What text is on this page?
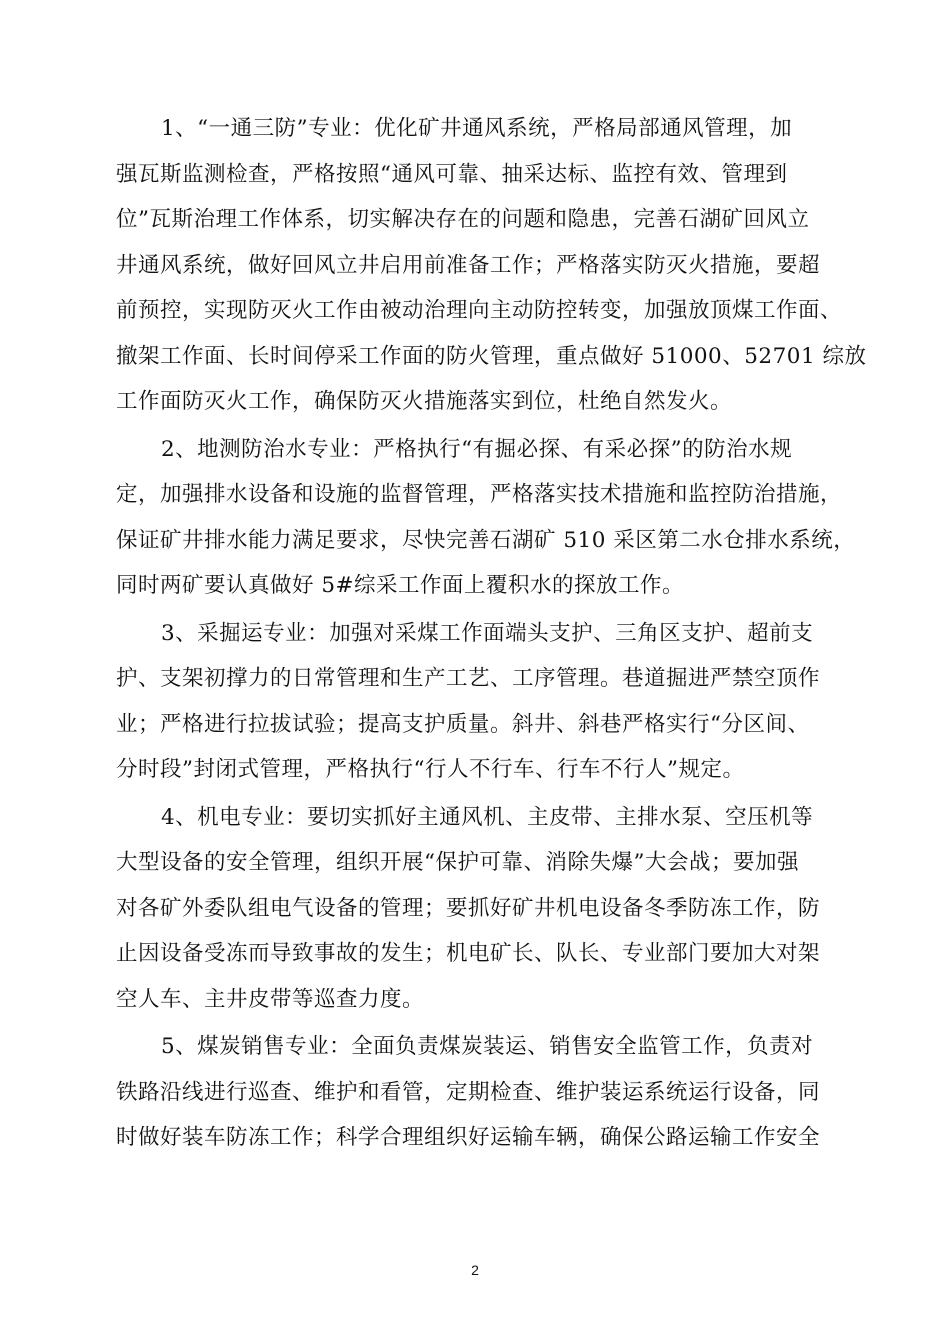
1、“一通三防”专业：优化矿井通风系统，严格局部通风管理，加
强瓦斯监测检查，严格按照“通风可靠、抽采达标、监控有效、管理到
位”瓦斯治理工作体系，切实解决存在的问题和隐患，完善石湖矿回风立
井通风系统，做好回风立井启用前准备工作；严格落实防灭火措施，要超
前预控，实现防灭火工作由被动治理向主动防控转变，加强放顶煤工作面、
撤架工作面、长时间停采工作面的防火管理，重点做好 51000、52701 综放
工作面防灭火工作，确保防灭火措施落实到位，杜绝自然发火。
2、地测防治水专业：严格执行“有掘必探、有采必探”的防治水规
定，加强排水设备和设施的监督管理，严格落实技术措施和监控防治措施，
保证矿井排水能力满足要求，尽快完善石湖矿 510 采区第二水仓排水系统，
同时两矿要认真做好 5#综采工作面上覆积水的探放工作。
3、采掘运专业：加强对采煤工作面端头支护、三角区支护、超前支
护、支架初撑力的日常管理和生产工艺、工序管理。巷道掘进严禁空顶作
业；严格进行拉拔试验；提高支护质量。斜井、斜巷严格实行“分区间、
分时段”封闭式管理，严格执行“行人不行车、行车不行人”规定。
4、机电专业：要切实抓好主通风机、主皮带、主排水泵、空压机等
大型设备的安全管理，组织开展“保护可靠、消除失爆”大会战；要加强
对各矿外委队组电气设备的管理；要抓好矿井机电设备冬季防冻工作，防
止因设备受冻而导致事故的发生；机电矿长、队长、专业部门要加大对架
空人车、主井皮带等巡查力度。
5、煤炭销售专业：全面负责煤炭装运、销售安全监管工作，负责对
铁路沿线进行巡查、维护和看管，定期检查、维护装运系统运行设备，同
时做好装车防冻工作；科学合理组织好运输车辆，确保公路运输工作安全
2
